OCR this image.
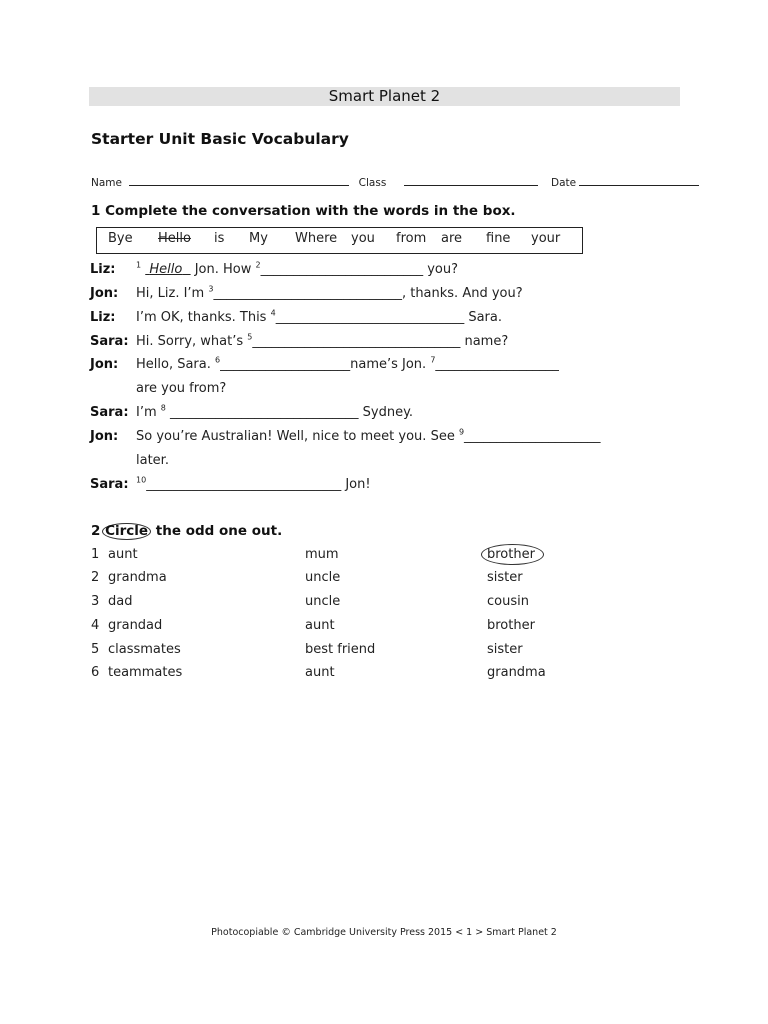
Smart Planet 2
Starter Unit Basic Vocabulary
Name	Class	Date
1 Complete the conversation with the words in the box.
Bye Hello is My Where you from are fine your
Liz:	$^1$ Hello   Jon. How $^2$_________________________ you?
Jon: Hi, Liz. I’m $^3$_____________________________, thanks. And you?
Liz: I’m OK, thanks. This $^4$_____________________________ Sara.
Sara: Hi. Sorry, what’s $^5$________________________________ name?
Jon: Hello, Sara. $^6$____________________name’s Jon. $^7$___________________
are you from?
Sara: I’m $^8$ _____________________________ Sydney.
Jon: So you’re Australian! Well, nice to meet you. See $^9$_____________________
later.
Sara: $^{10}$______________________________ Jon!
2 Circle the odd one out.
1 aunt	mum	brother
2 grandma	uncle	sister
3 dad	uncle	cousin
4 grandad	aunt	brother
5 classmates	best friend	sister
6 teammates	aunt	grandma
Photocopiable © Cambridge University Press 2015 < 1 > Smart Planet 2
